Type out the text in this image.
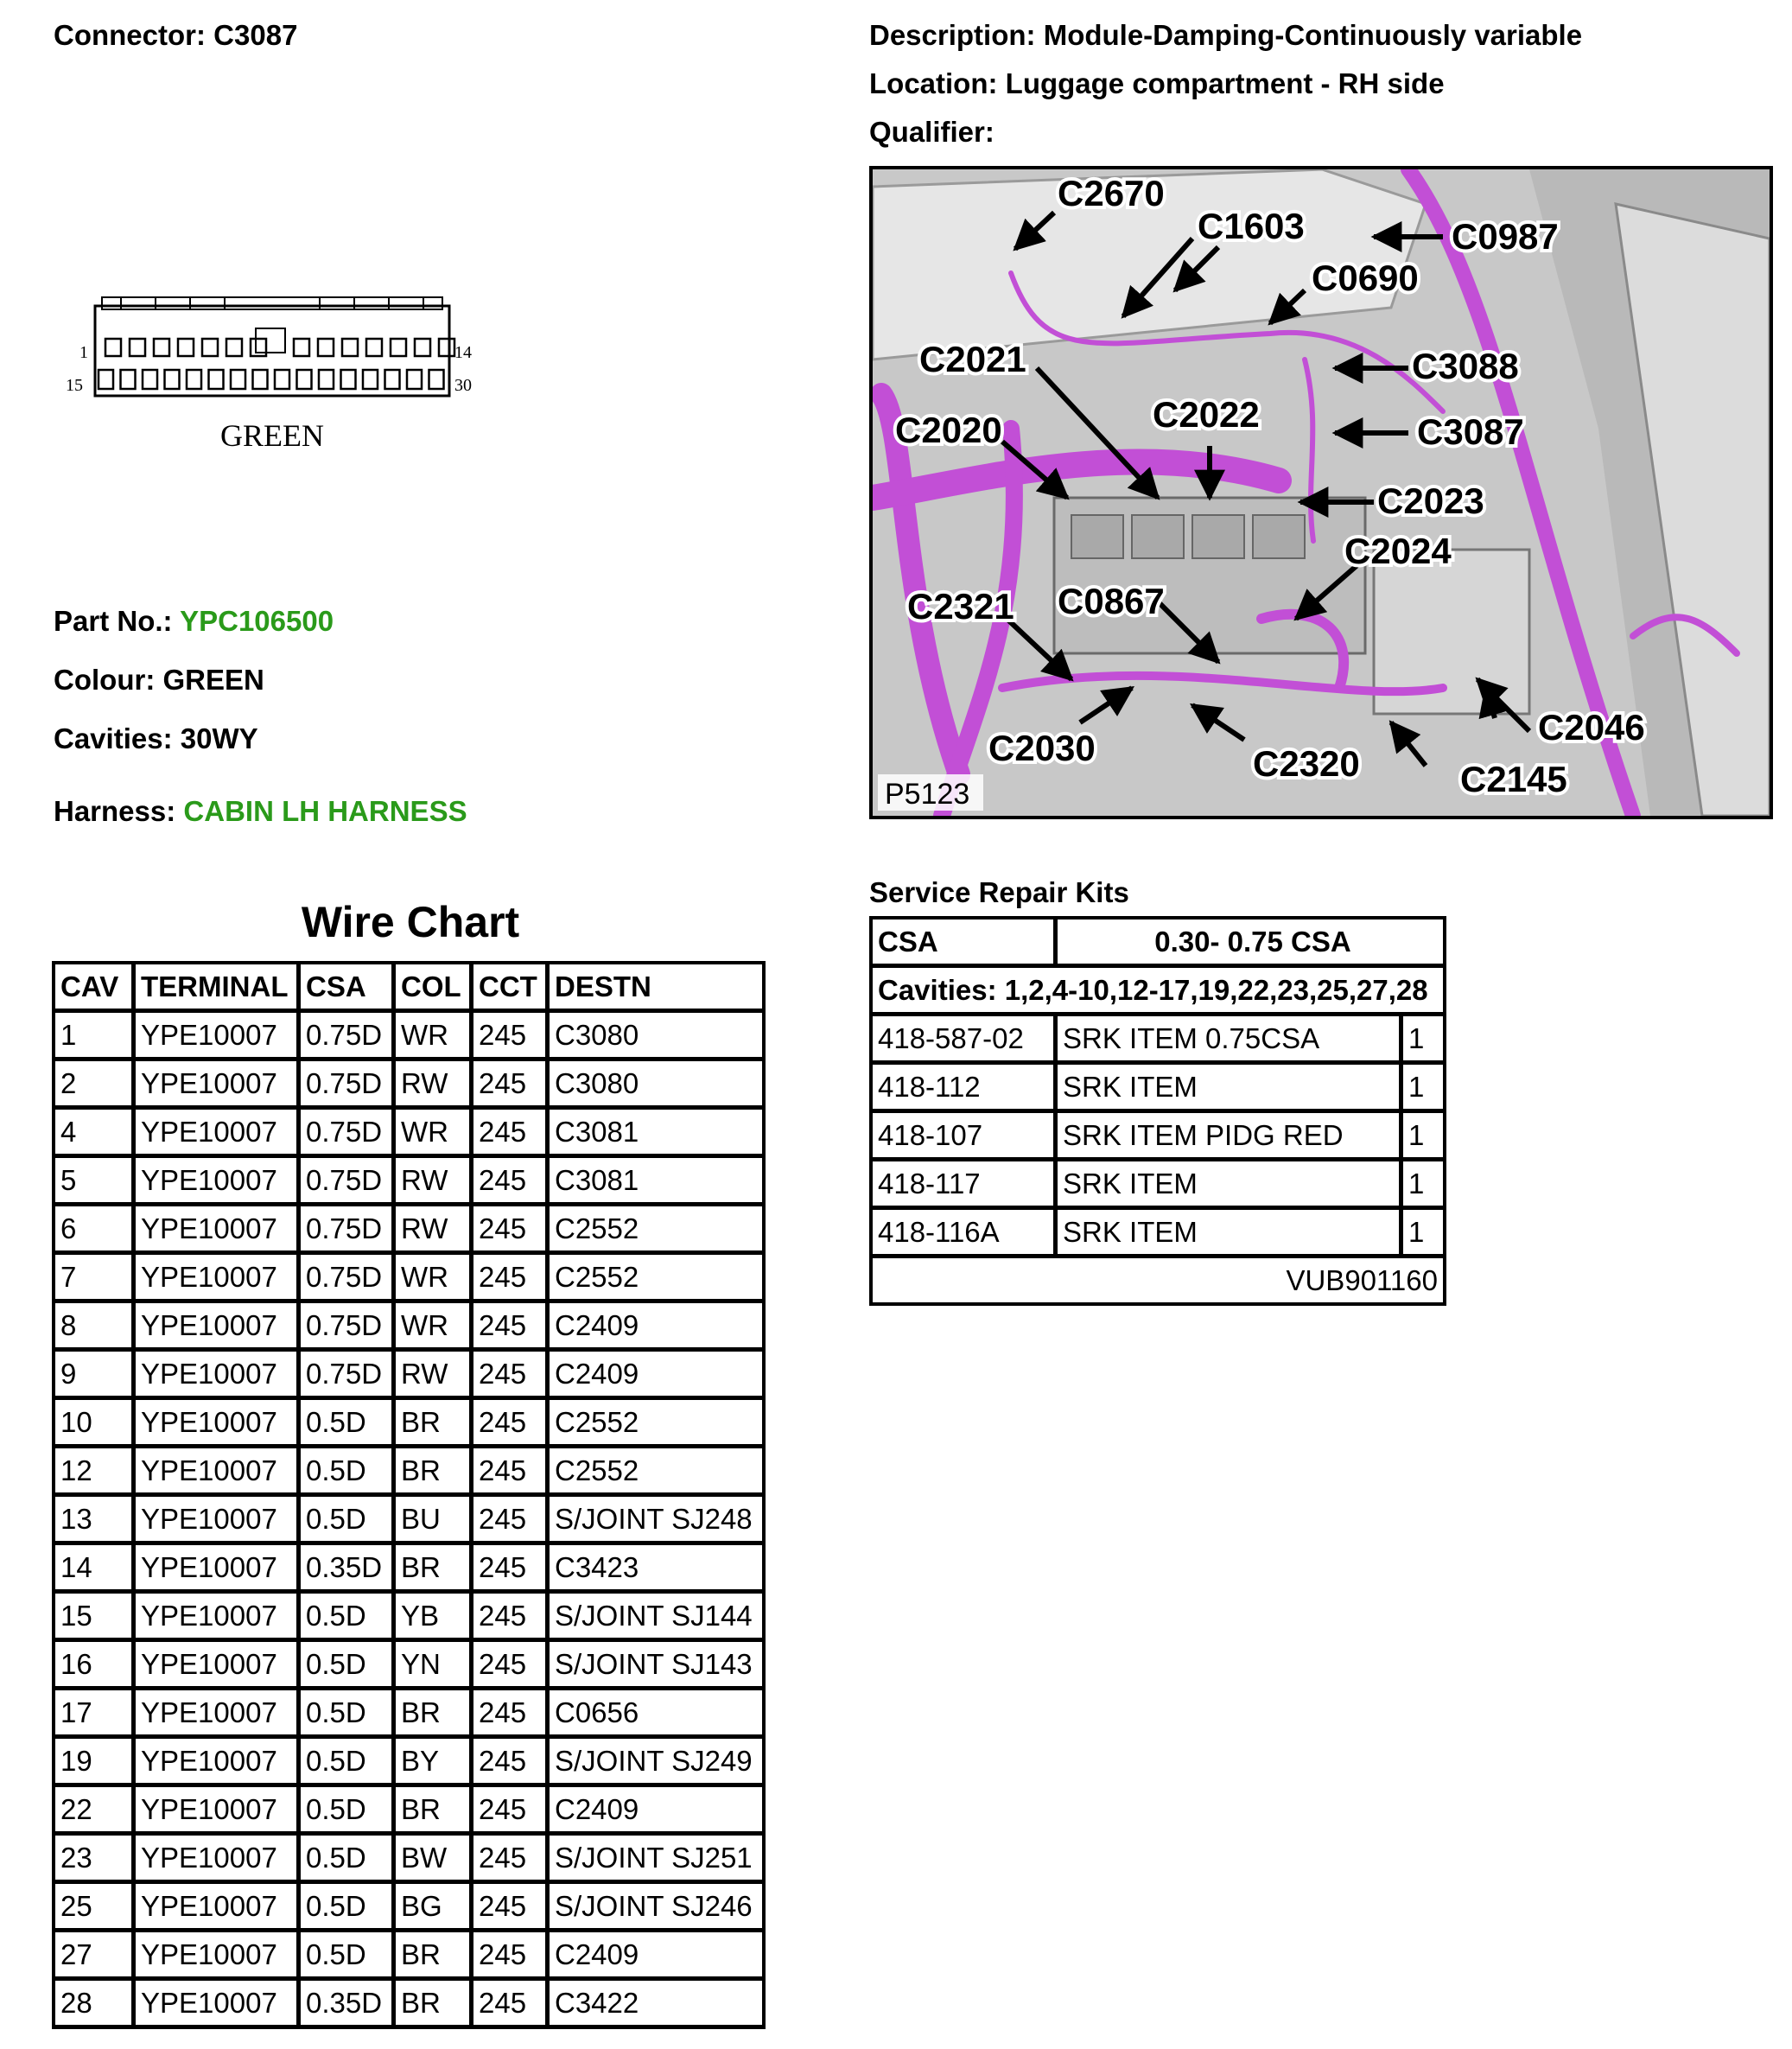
Connector: C3087	Description: Module-Damping-Continuously variable
Location: Luggage compartment - RH side
Qualifier:
1	14
15	30
GREEN
Part No.: YPC106500
Colour: GREEN
Cavities: 30WY
Harness: CABIN LH HARNESS
C2670
C1603	C0987
C0690
C2021	C3088
C2020	C2022	C3087
C2023
C2024
C2321 C0867
C2046
C2030	C2320	C2145
P5123
Wire Chart
CAV	TERMINAL	CSA	COL	CCT	DESTN
1	YPE10007	0.75D	WR	245	C3080
2	YPE10007	0.75D	RW	245	C3080
4	YPE10007	0.75D	WR	245	C3081
5	YPE10007	0.75D	RW	245	C3081
6	YPE10007	0.75D	RW	245	C2552
7	YPE10007	0.75D	WR	245	C2552
8	YPE10007	0.75D	WR	245	C2409
9	YPE10007	0.75D	RW	245	C2409
10	YPE10007	0.5D	BR	245	C2552
12	YPE10007	0.5D	BR	245	C2552
13	YPE10007	0.5D	BU	245	S/JOINT SJ248
14	YPE10007	0.35D	BR	245	C3423
15	YPE10007	0.5D	YB	245	S/JOINT SJ144
16	YPE10007	0.5D	YN	245	S/JOINT SJ143
17	YPE10007	0.5D	BR	245	C0656
19	YPE10007	0.5D	BY	245	S/JOINT SJ249
22	YPE10007	0.5D	BR	245	C2409
23	YPE10007	0.5D	BW	245	S/JOINT SJ251
25	YPE10007	0.5D	BG	245	S/JOINT SJ246
27	YPE10007	0.5D	BR	245	C2409
28	YPE10007	0.35D	BR	245	C3422
Service Repair Kits
CSA	0.30- 0.75 CSA	
Cavities: 1,2,4-10,12-17,19,22,23,25,27,28		
418-587-02	SRK ITEM 0.75CSA	1
418-112	SRK ITEM	1
418-107	SRK ITEM PIDG RED	1
418-117	SRK ITEM	1
418-116A	SRK ITEM	1
VUB901160		
